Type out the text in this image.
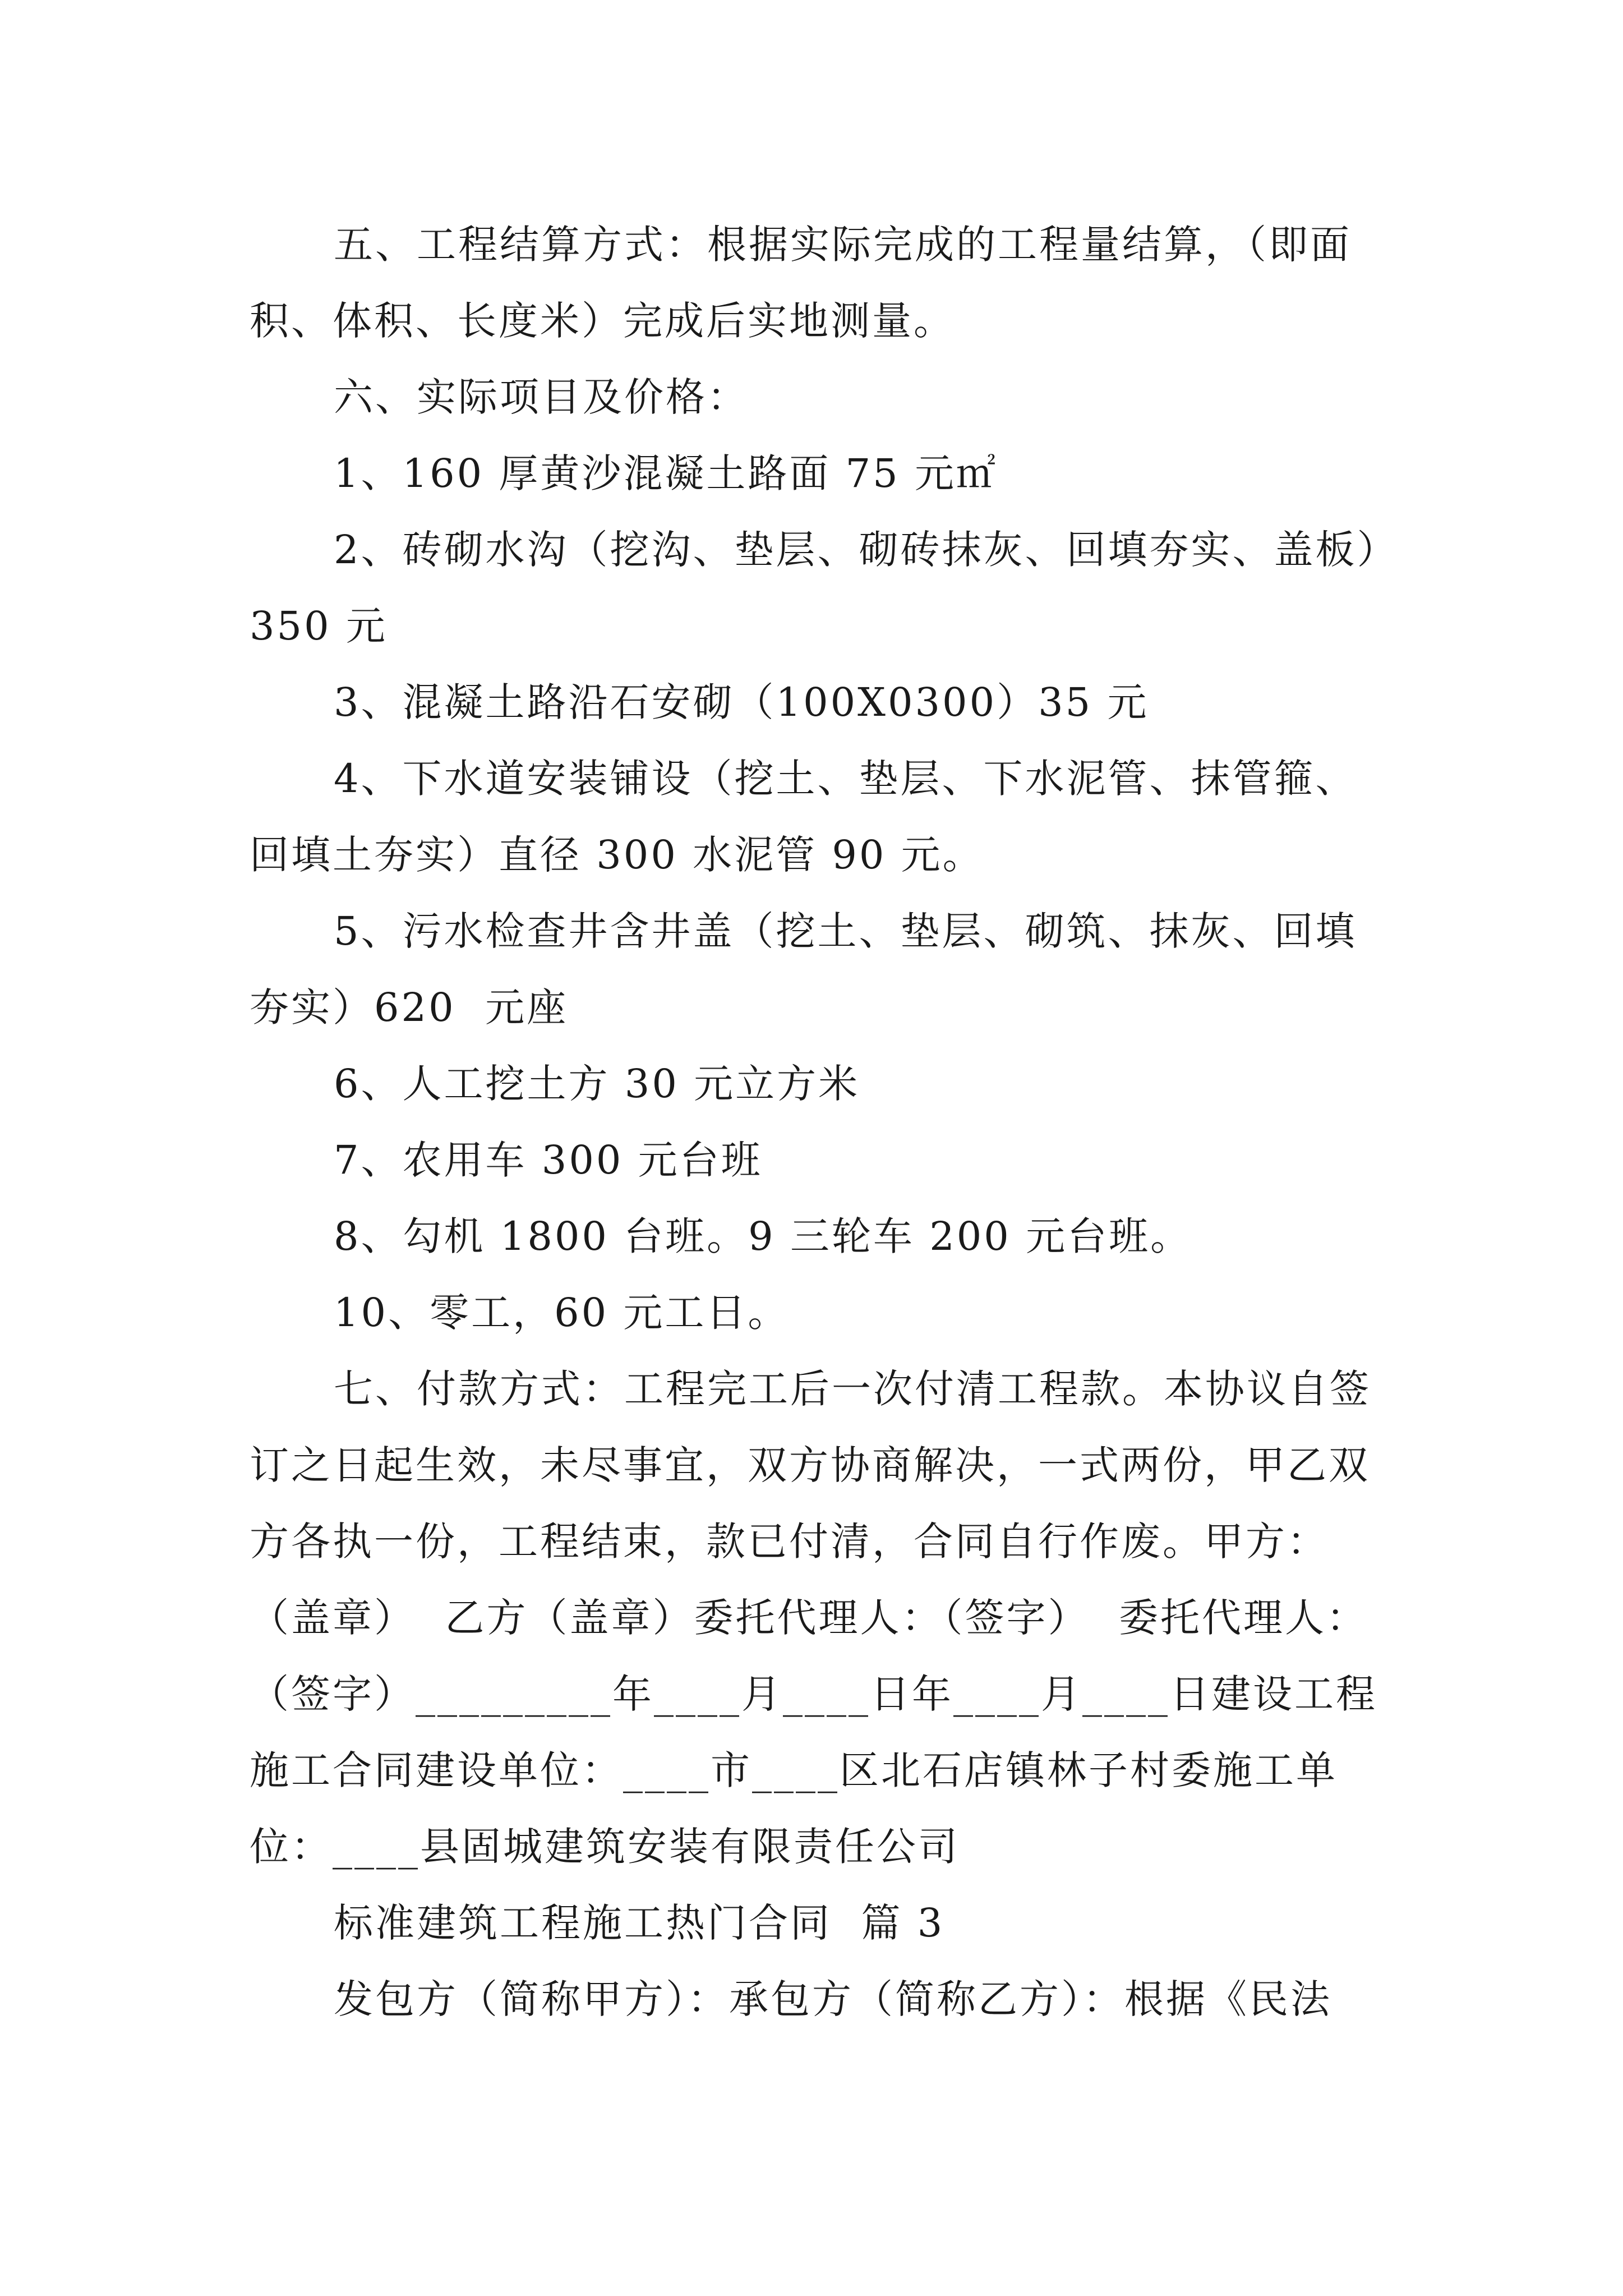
五、工程结算方式：根据实际完成的工程量结算，（即面积、体积、长度米）完成后实地测量。

六、实际项目及价格：

1、160 厚黄沙混凝土路面 75 元㎡

2、砖砌水沟（挖沟、垫层、砌砖抹灰、回填夯实、盖板）350 元

3、混凝土路沿石安砌（100X0300）35 元

4、下水道安装铺设（挖土、垫层、下水泥管、抹管箍、回填土夯实）直径 300 水泥管 90 元。

5、污水检查井含井盖（挖土、垫层、砌筑、抹灰、回填夯实）620  元座

6、人工挖土方 30 元立方米

7、农用车 300 元台班

8、勾机 1800 台班。9 三轮车 200 元台班。

10、零工，60 元工日。

七、付款方式：工程完工后一次付清工程款。本协议自签订之日起生效，未尽事宜，双方协商解决，一式两份，甲乙双方各执一份，工程结束，款已付清，合同自行作废。甲方：（盖章）  乙方（盖章）委托代理人：（签字）  委托代理人：（签字）_________年____月____日年____月____日建设工程施工合同建设单位：____市____区北石店镇林子村委施工单位：____县固城建筑安装有限责任公司

标准建筑工程施工热门合同  篇 3

发包方（简称甲方）：承包方（简称乙方）：根据《民法
